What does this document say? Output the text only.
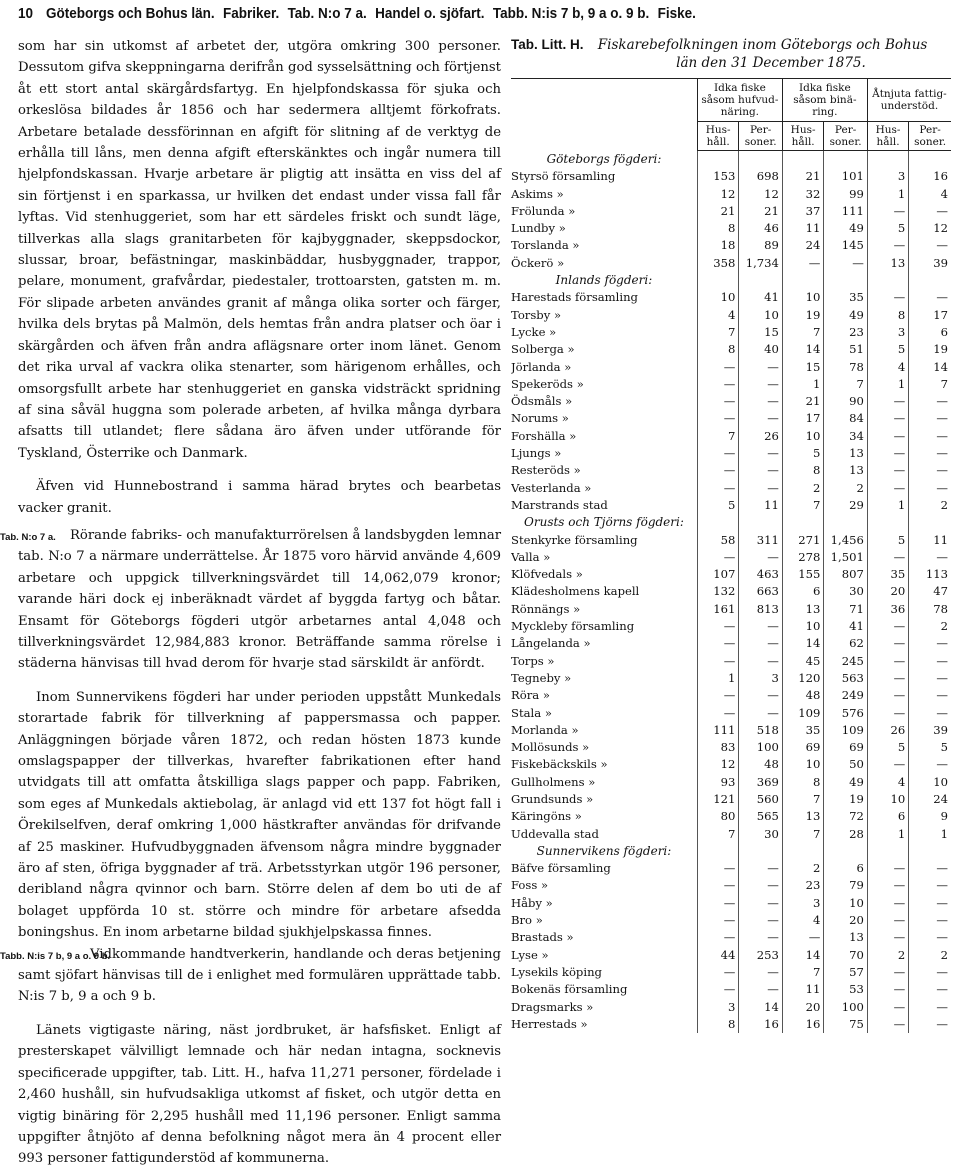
10 Göteborgs och Bohus län. Fabriker. Tab. N:o 7 a. Handel o. sjöfart. Tabb. N:is 7 b, 9 a o. 9 b. Fiske.

som har sin utkomst af arbetet der, utgöra omkring 300 personer. Dessutom gifva skeppningarna derifrån god sysselsättning och förtjenst åt ett stort antal skärgårdsfartyg. En hjelpfondskassa för sjuka och orkeslösa bildades år 1856 och har sedermera alltjemt förkofrats. Arbetare betalade dessförinnan en afgift för slitning af de verktyg de erhålla till låns, men denna afgift efterskänktes och ingår numera till hjelpfondskassan. Hvarje arbetare är pligtig att insätta en viss del af sin förtjenst i en sparkassa, ur hvilken det endast under vissa fall får lyftas. Vid stenhuggeriet, som har ett särdeles friskt och sundt läge, tillverkas alla slags granitarbeten för kajbyggnader, skeppsdockor, slussar, broar, befästningar, maskinbäddar, husbyggnader, trappor, pelare, monument, grafvårdar, piedestaler, trottoarsten, gatsten m. m. För slipade arbeten användes granit af många olika sorter och färger, hvilka dels brytas på Malmön, dels hemtas från andra platser och öar i skärgården och äfven från andra aflägsnare orter inom länet. Genom det rika urval af vackra olika stenarter, som härigenom erhålles, och omsorgsfullt arbete har stenhuggeriet en ganska vidsträckt spridning af sina såväl huggna som polerade arbeten, af hvilka många dyrbara afsatts till utlandet; flere sådana äro äfven under utförande för Tyskland, Österrike och Danmark.

Äfven vid Hunnebostrand i samma härad brytes och bearbetas vacker granit.

Tab. N:o 7 a.	Rörande fabriks- och manufakturrörelsen å landsbygden lemnar tab. N:o 7 a närmare underrättelse. År 1875 voro härvid använde 4,609 arbetare och uppgick tillverkningsvärdet till 14,062,079 kronor; varande häri dock ej inberäknadt värdet af byggda fartyg och båtar. Ensamt för Göteborgs fögderi utgör arbetarnes antal 4,048 och tillverkningsvärdet 12,984,883 kronor. Beträffande samma rörelse i städerna hänvisas till hvad derom för hvarje stad särskildt är anfördt.

Inom Sunnervikens fögderi har under perioden uppstått Munkedals storartade fabrik för tillverkning af pappersmassa och papper. Anläggningen började våren 1872, och redan hösten 1873 kunde omslagspapper der tillverkas, hvarefter fabrikationen efter hand utvidgats till att omfatta åtskilliga slags papper och papp. Fabriken, som eges af Munkedals aktiebolag, är anlagd vid ett 137 fot högt fall i Örekilselfven, deraf omkring 1,000 hästkrafter användas för drifvande af 25 maskiner. Hufvudbyggnaden äfvensom några mindre byggnader äro af sten, öfriga byggnader af trä. Arbetsstyrkan utgör 196 personer, deribland några qvinnor och barn. Större delen af dem bo uti de af bolaget uppförda 10 st. större och mindre för arbetare afsedda boningshus. En inom arbetarne bildad sjukhjelpskassa finnes.

Tabb. N:is 7 b, 9 a o. 9 b.

Vidkommande handtverkerin, handlande och deras betjening samt sjöfart hänvisas till de i enlighet med formulären upprättade tabb. N:is 7 b, 9 a och 9 b.

Länets vigtigaste näring, näst jordbruket, är hafsfisket. Enligt af presterskapet välvilligt lemnade och här nedan intagna, socknevis specificerade uppgifter, tab. Litt. H., hafva 11,271 personer, fördelade i 2,460 hushåll, sin hufvudsakliga utkomst af fisket, och utgör detta en vigtig binäring för 2,295 hushåll med 11,196 personer. Enligt samma uppgifter åtnjöto af denna befolkning något mera än 4 procent eller 993 personer fattigunderstöd af kommunerna.

Tab. Litt. H. Fiskarebefolkningen inom Göteborgs och Bohus
län den 31 December 1875.
	Idka fiske såsom hufvud-näring.		Idka fiske såsom binä-ring.		Åtnjuta fattig-understöd.	
	Hus-håll.	Per-soner.	Hus-håll.	Per-soner.	Hus-håll.	Per-soner.
Göteborgs fögderi:						
Styrsö församling	153	698	21	101	3	16
Askims »	12	12	32	99	1	4
Frölunda »	21	21	37	111	—	—
Lundby »	8	46	11	49	5	12
Torslanda »	18	89	24	145	—	—
Öckerö »	358	1,734	—	—	13	39
Inlands fögderi:						
Harestads församling	10	41	10	35	—	—
Torsby »	4	10	19	49	8	17
Lycke »	7	15	7	23	3	6
Solberga »	8	40	14	51	5	19
Jörlanda »	—	—	15	78	4	14
Spekeröds »	—	—	1	7	1	7
Ödsmåls »	—	—	21	90	—	—
Norums »	—	—	17	84	—	—
Forshälla »	7	26	10	34	—	—
Ljungs »	—	—	5	13	—	—
Resteröds »	—	—	8	13	—	—
Vesterlanda »	—	—	2	2	—	—
Marstrands stad	5	11	7	29	1	2
Orusts och Tjörns fögderi:						
Stenkyrke församling	58	311	271	1,456	5	11
Valla »	—	—	278	1,501	—	—
Klöfvedals »	107	463	155	807	35	113
Klädesholmens kapell	132	663	6	30	20	47
Rönnängs »	161	813	13	71	36	78
Myckleby församling	—	—	10	41	—	2
Långelanda »	—	—	14	62	—	—
Torps »	—	—	45	245	—	—
Tegneby »	1	3	120	563	—	—
Röra »	—	—	48	249	—	—
Stala »	—	—	109	576	—	—
Morlanda »	111	518	35	109	26	39
Mollösunds »	83	100	69	69	5	5
Fiskebäckskils »	12	48	10	50	—	—
Gullholmens »	93	369	8	49	4	10
Grundsunds »	121	560	7	19	10	24
Käringöns »	80	565	13	72	6	9
Uddevalla stad	7	30	7	28	1	1
Sunnervikens fögderi:						
Bäfve församling	—	—	2	6	—	—
Foss »	—	—	23	79	—	—
Håby »	—	—	3	10	—	—
Bro »	—	—	4	20	—	—
Brastads »	—	—	—	13	—	—
Lyse »	44	253	14	70	2	2
Lysekils köping	—	—	7	57	—	—
Bokenäs församling	—	—	11	53	—	—
Dragsmarks »	3	14	20	100	—	—
Herrestads »	8	16	16	75	—	—
